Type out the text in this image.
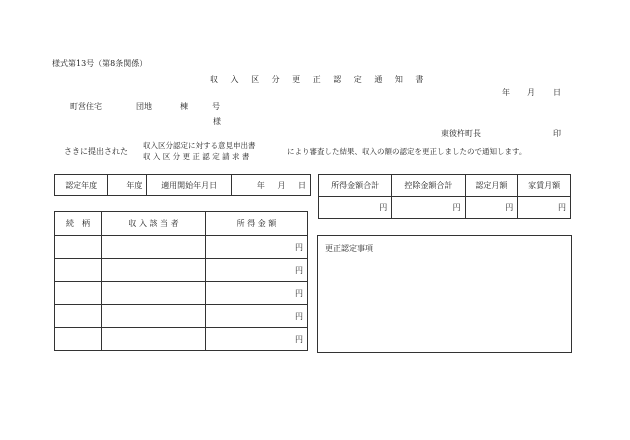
様式第13号（第8条関係）
収 入 区 分 更 正 認 定 通 知 書
年 月 日
町営住宅	団地	棟	号
様
東彼杵町長	印
さきに提出された
収入区分認定に対する意見申出書
収 入 区 分 更 正 認 定 請 求 書
により審査した結果、収入の額の認定を更正しましたので通知します。
認定年度	年度	適用開始年月日	年 月 日	所得金額合計	控除金額合計	認定月額	家賃月額
円	円	円	円
続　柄	収 入 該 当 者	所 得 金 額
		円
		円
		円
		円
		円
更正認定事項
